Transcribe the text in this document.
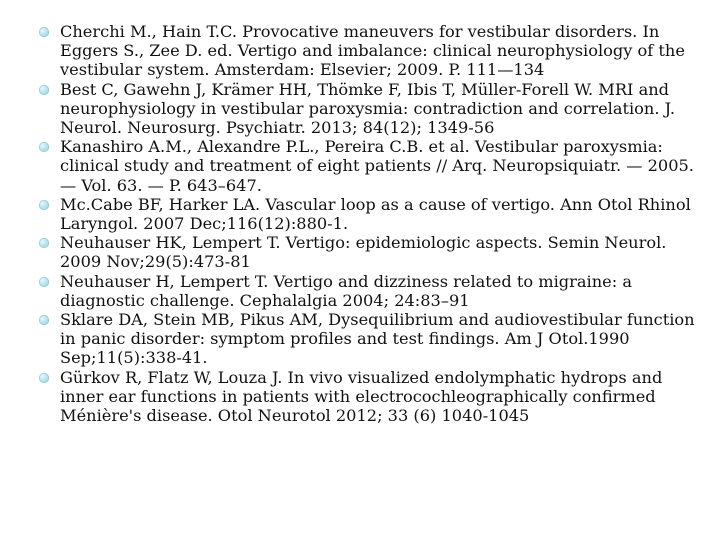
Cherchi M., Hain T.C. Provocative maneuvers for vestibular disorders. In Eggers S., Zee D. ed. Vertigo and imbalance: clinical neurophysiology of the vestibular system. Amsterdam: Elsevier; 2009. P. 111—134
Best C, Gawehn J, Krämer HH, Thömke F, Ibis T, Müller-Forell W. MRI and neurophysiology in vestibular paroxysmia: contradiction and correlation. J. Neurol. Neurosurg. Psychiatr. 2013; 84(12); 1349-56
Kanashiro A.M., Alexandre P.L., Pereira C.B. et al. Vestibular paroxysmia: clinical study and treatment of eight patients // Arq. Neuropsiquiatr. — 2005. — Vol. 63. — P. 643–647.
Mc.Cabe BF, Harker LA. Vascular loop as a cause of vertigo. Ann Otol Rhinol Laryngol. 2007 Dec;116(12):880-1.
Neuhauser HK, Lempert T. Vertigo: epidemiologic aspects. Semin Neurol. 2009 Nov;29(5):473-81
Neuhauser H, Lempert T. Vertigo and dizziness related to migraine: a diagnostic challenge. Cephalalgia 2004; 24:83–91
Sklare DA, Stein MB, Pikus AM, Dysequilibrium and audiovestibular function in panic disorder: symptom profiles and test findings. Am J Otol.1990 Sep;11(5):338-41.
Gürkov R, Flatz W, Louza J. In vivo visualized endolymphatic hydrops and inner ear functions in patients with electrocochleographically confirmed Ménière's disease. Otol Neurotol 2012; 33 (6) 1040-1045
